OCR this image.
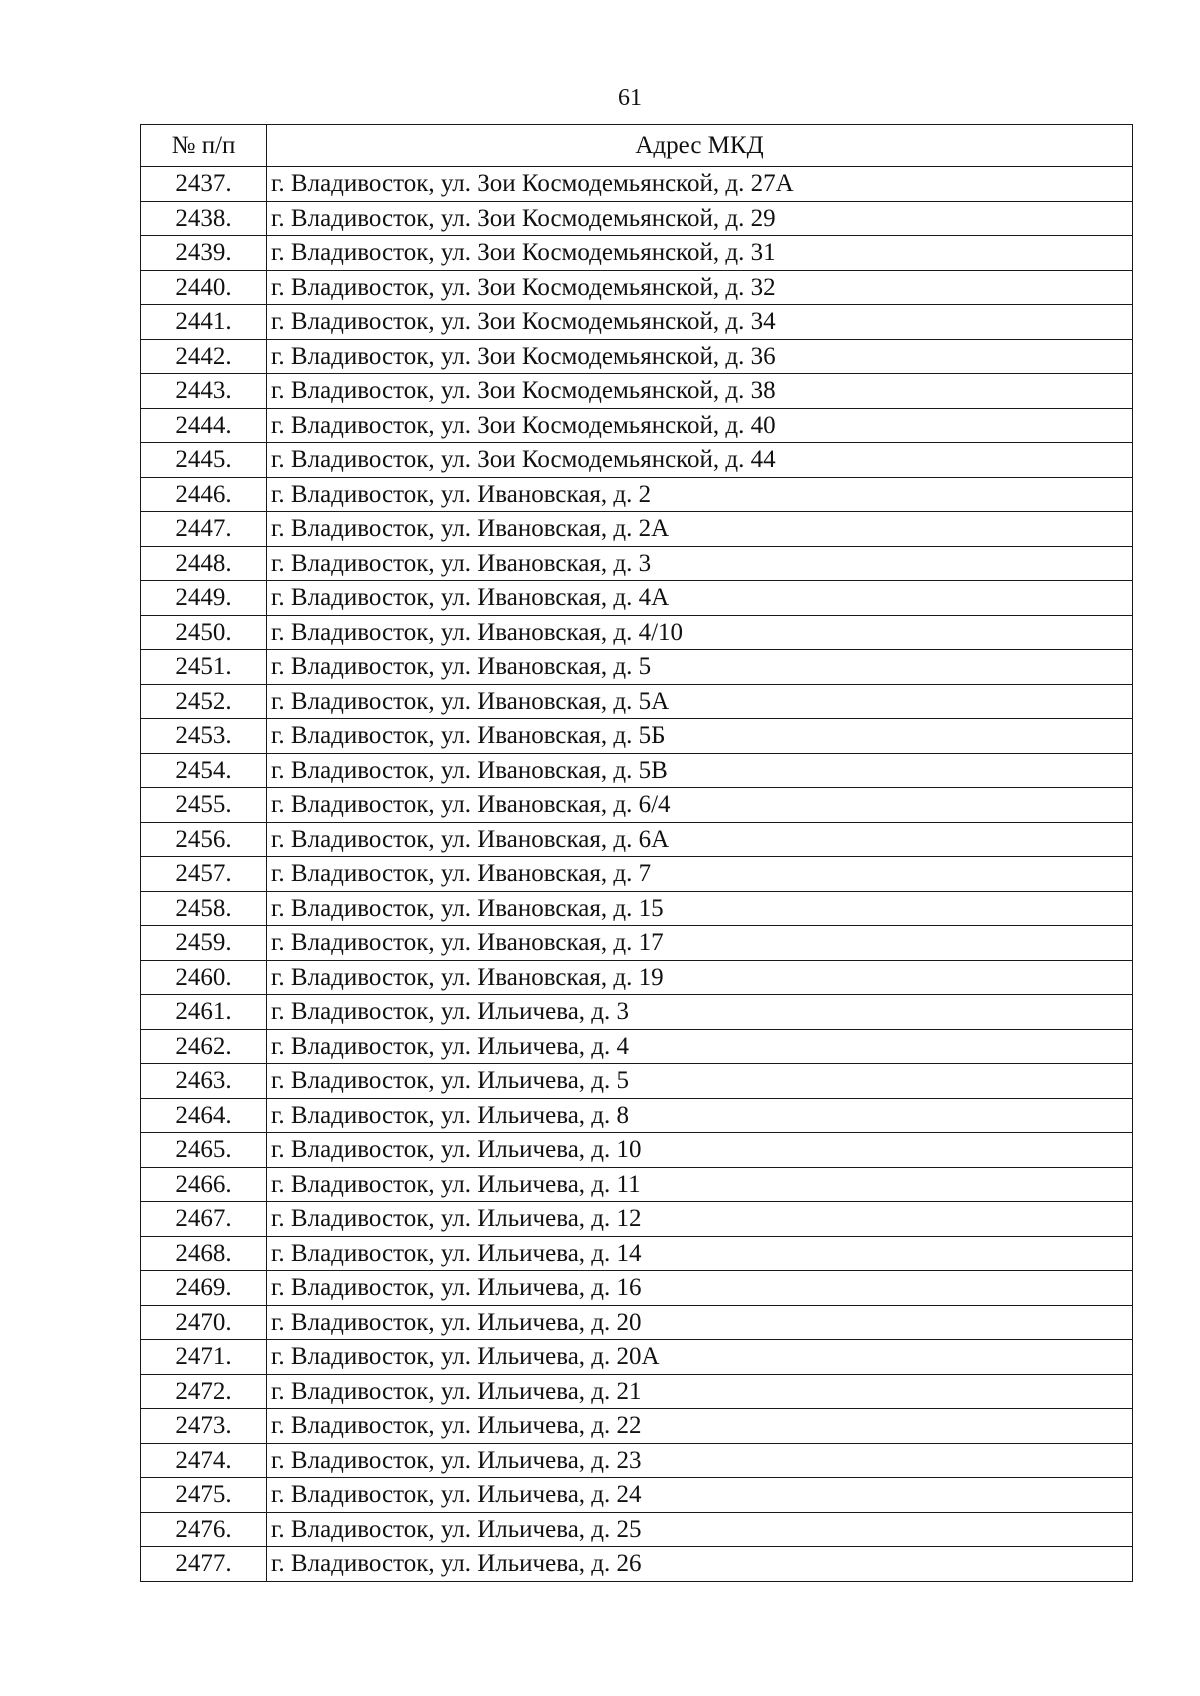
61
№ п/п	Адрес МКД
2437.	г. Владивосток, ул. Зои Космодемьянской, д. 27А
2438.	г. Владивосток, ул. Зои Космодемьянской, д. 29
2439.	г. Владивосток, ул. Зои Космодемьянской, д. 31
2440.	г. Владивосток, ул. Зои Космодемьянской, д. 32
2441.	г. Владивосток, ул. Зои Космодемьянской, д. 34
2442.	г. Владивосток, ул. Зои Космодемьянской, д. 36
2443.	г. Владивосток, ул. Зои Космодемьянской, д. 38
2444.	г. Владивосток, ул. Зои Космодемьянской, д. 40
2445.	г. Владивосток, ул. Зои Космодемьянской, д. 44
2446.	г. Владивосток, ул. Ивановская, д. 2
2447.	г. Владивосток, ул. Ивановская, д. 2А
2448.	г. Владивосток, ул. Ивановская, д. 3
2449.	г. Владивосток, ул. Ивановская, д. 4А
2450.	г. Владивосток, ул. Ивановская, д. 4/10
2451.	г. Владивосток, ул. Ивановская, д. 5
2452.	г. Владивосток, ул. Ивановская, д. 5А
2453.	г. Владивосток, ул. Ивановская, д. 5Б
2454.	г. Владивосток, ул. Ивановская, д. 5В
2455.	г. Владивосток, ул. Ивановская, д. 6/4
2456.	г. Владивосток, ул. Ивановская, д. 6А
2457.	г. Владивосток, ул. Ивановская, д. 7
2458.	г. Владивосток, ул. Ивановская, д. 15
2459.	г. Владивосток, ул. Ивановская, д. 17
2460.	г. Владивосток, ул. Ивановская, д. 19
2461.	г. Владивосток, ул. Ильичева, д. 3
2462.	г. Владивосток, ул. Ильичева, д. 4
2463.	г. Владивосток, ул. Ильичева, д. 5
2464.	г. Владивосток, ул. Ильичева, д. 8
2465.	г. Владивосток, ул. Ильичева, д. 10
2466.	г. Владивосток, ул. Ильичева, д. 11
2467.	г. Владивосток, ул. Ильичева, д. 12
2468.	г. Владивосток, ул. Ильичева, д. 14
2469.	г. Владивосток, ул. Ильичева, д. 16
2470.	г. Владивосток, ул. Ильичева, д. 20
2471.	г. Владивосток, ул. Ильичева, д. 20А
2472.	г. Владивосток, ул. Ильичева, д. 21
2473.	г. Владивосток, ул. Ильичева, д. 22
2474.	г. Владивосток, ул. Ильичева, д. 23
2475.	г. Владивосток, ул. Ильичева, д. 24
2476.	г. Владивосток, ул. Ильичева, д. 25
2477.	г. Владивосток, ул. Ильичева, д. 26
